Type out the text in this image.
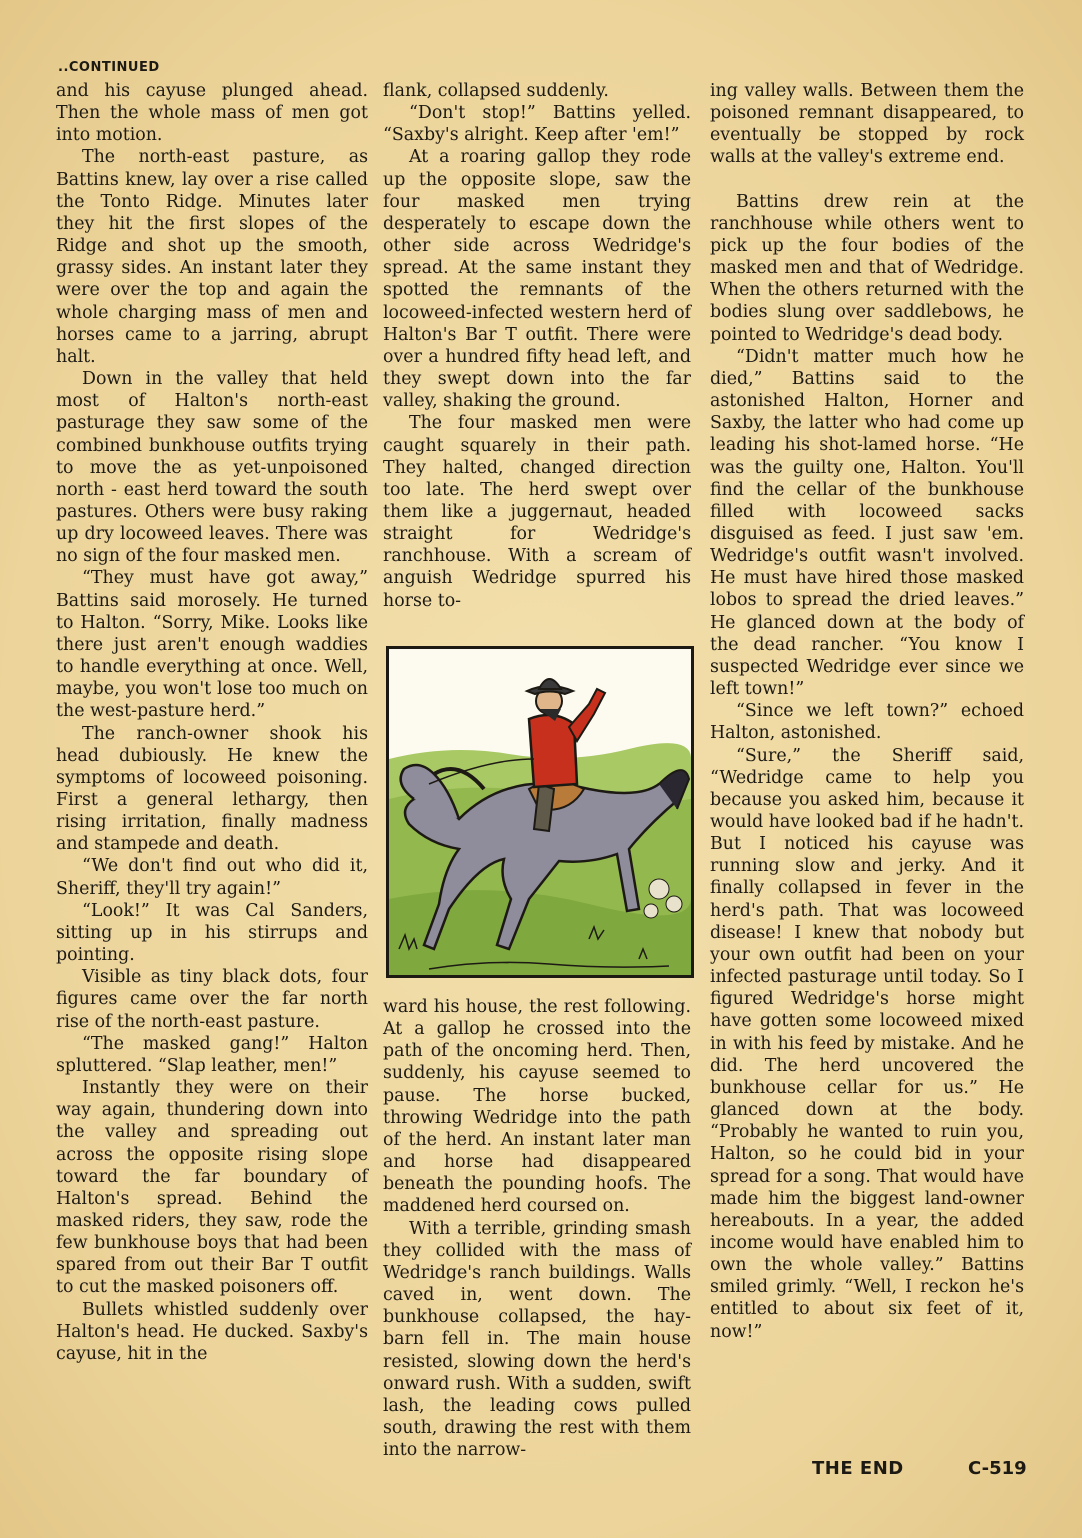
..CONTINUED

and his cayuse plunged ahead. Then the whole mass of men got into motion.

The north-east pasture, as Battins knew, lay over a rise called the Tonto Ridge. Minutes later they hit the first slopes of the Ridge and shot up the smooth, grassy sides. An instant later they were over the top and again the whole charging mass of men and horses came to a jarring, abrupt halt.

Down in the valley that held most of Halton's north-east pasturage they saw some of the combined bunkhouse outfits trying to move the as yet-unpoisoned north - east herd toward the south pastures. Others were busy raking up dry locoweed leaves. There was no sign of the four masked men.

“They must have got away,” Battins said morosely. He turned to Halton. “Sorry, Mike. Looks like there just aren't enough waddies to handle everything at once. Well, maybe, you won't lose too much on the west-pasture herd.”

The ranch-owner shook his head dubiously. He knew the symptoms of locoweed poisoning. First a general lethargy, then rising irritation, finally madness and stampede and death.

“We don't find out who did it, Sheriff, they'll try again!”

“Look!” It was Cal Sanders, sitting up in his stirrups and pointing.

Visible as tiny black dots, four figures came over the far north rise of the north-east pasture.

“The masked gang!” Halton spluttered. “Slap leather, men!”

Instantly they were on their way again, thundering down into the valley and spreading out across the opposite rising slope toward the far boundary of Halton's spread. Behind the masked riders, they saw, rode the few bunkhouse boys that had been spared from out their Bar T outfit to cut the masked poisoners off.

Bullets whistled suddenly over Halton's head. He ducked. Saxby's cayuse, hit in the

flank, collapsed suddenly.

“Don't stop!” Battins yelled. “Saxby's alright. Keep after 'em!”

At a roaring gallop they rode up the opposite slope, saw the four masked men trying desperately to escape down the other side across Wedridge's spread. At the same instant they spotted the remnants of the locoweed-infected western herd of Halton's Bar T outfit. There were over a hundred fifty head left, and they swept down into the far valley, shaking the ground.

The four masked men were caught squarely in their path. They halted, changed direction too late. The herd swept over them like a juggernaut, headed straight for Wedridge's ranchhouse. With a scream of anguish Wedridge spurred his horse to-

ward his house, the rest following. At a gallop he crossed into the path of the oncoming herd. Then, suddenly, his cayuse seemed to pause. The horse bucked, throwing Wedridge into the path of the herd. An instant later man and horse had disappeared beneath the pounding hoofs. The maddened herd coursed on.

With a terrible, grinding smash they collided with the mass of Wedridge's ranch buildings. Walls caved in, went down. The bunkhouse collapsed, the hay-barn fell in. The main house resisted, slowing down the herd's onward rush. With a sudden, swift lash, the leading cows pulled south, drawing the rest with them into the narrow-

ing valley walls. Between them the poisoned remnant disappeared, to eventually be stopped by rock walls at the valley's extreme end.

Battins drew rein at the ranchhouse while others went to pick up the four bodies of the masked men and that of Wedridge. When the others returned with the bodies slung over saddlebows, he pointed to Wedridge's dead body.

“Didn't matter much how he died,” Battins said to the astonished Halton, Horner and Saxby, the latter who had come up leading his shot-lamed horse. “He was the guilty one, Halton. You'll find the cellar of the bunkhouse filled with locoweed sacks disguised as feed. I just saw 'em. Wedridge's outfit wasn't involved. He must have hired those masked lobos to spread the dried leaves.” He glanced down at the body of the dead rancher. “You know I suspected Wedridge ever since we left town!”

“Since we left town?” echoed Halton, astonished.

“Sure,” the Sheriff said, “Wedridge came to help you because you asked him, because it would have looked bad if he hadn't. But I noticed his cayuse was running slow and jerky. And it finally collapsed in fever in the herd's path. That was locoweed disease! I knew that nobody but your own outfit had been on your infected pasturage until today. So I figured Wedridge's horse might have gotten some locoweed mixed in with his feed by mistake. And he did. The herd uncovered the bunkhouse cellar for us.” He glanced down at the body. “Probably he wanted to ruin you, Halton, so he could bid in your spread for a song. That would have made him the biggest land-owner hereabouts. In a year, the added income would have enabled him to own the whole valley.” Battins smiled grimly. “Well, I reckon he's entitled to about six feet of it, now!”

THE END	C-519
